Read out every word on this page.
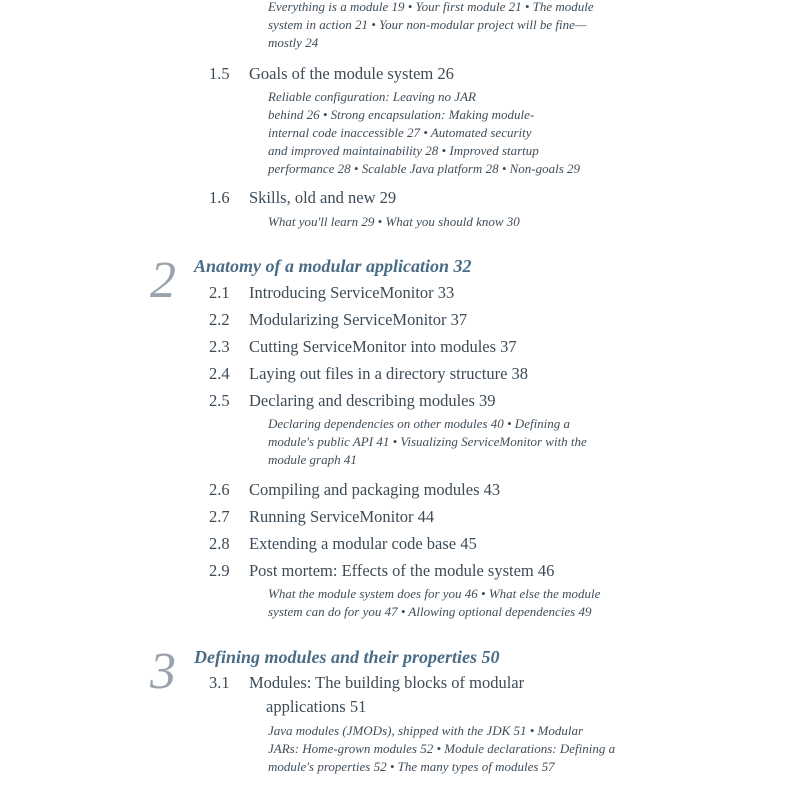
Everything is a module 19 • Your first module 21 • The module
system in action 21 • Your non-modular project will be fine—
mostly 24
1.5	Goals of the module system 26
Reliable configuration: Leaving no JAR
behind 26 • Strong encapsulation: Making module-
internal code inaccessible 27 • Automated security
and improved maintainability 28 • Improved startup
performance 28 • Scalable Java platform 28 • Non-goals 29
1.6	Skills, old and new 29
What you'll learn 29 • What you should know 30
2 Anatomy of a modular application 32
2.1	Introducing ServiceMonitor 33
2.2	Modularizing ServiceMonitor 37
2.3	Cutting ServiceMonitor into modules 37
2.4	Laying out files in a directory structure 38
2.5	Declaring and describing modules 39
Declaring dependencies on other modules 40 • Defining a
module's public API 41 • Visualizing ServiceMonitor with the
module graph 41
2.6	Compiling and packaging modules 43
2.7	Running ServiceMonitor 44
2.8	Extending a modular code base 45
2.9	Post mortem: Effects of the module system 46
What the module system does for you 46 • What else the module
system can do for you 47 • Allowing optional dependencies 49
3 Defining modules and their properties 50
3.1	Modules: The building blocks of modular
applications 51
Java modules (JMODs), shipped with the JDK 51 • Modular
JARs: Home-grown modules 52 • Module declarations: Defining a
module's properties 52 • The many types of modules 57
